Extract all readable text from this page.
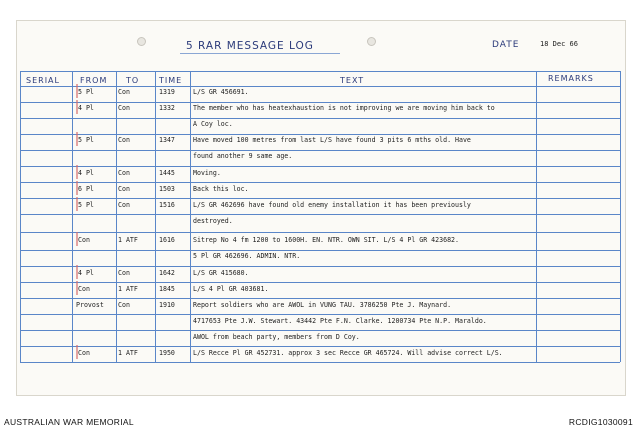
5 RAR MESSAGE LOG	DATE	18 Dec 66
SERIAL	FROM TO TIME	TEXT	REMARKS
5 Pl	Con	1319	L/S GR 456691.
4 Pl	Con	1332	The member who has heatexhaustion is not improving we are moving him back to
A Coy loc.
5 Pl	Con	1347	Have moved 100 metres from last L/S have found 3 pits 6 mths old. Have
found another 9 same age.
4 Pl	Con	1445	Moving.
6 Pl	Con	1503	Back this loc.
5 Pl	Con	1516	L/S GR 462696 have found old enemy installation it has been previously
destroyed.
Con	1 ATF	1616	Sitrep No 4 fm 1200 to 1600H. EN. NTR. OWN SIT. L/S 4 Pl GR 423682.
5 Pl GR 462696. ADMIN. NTR.
4 Pl	Con	1642	L/S GR 415680.
Con	1 ATF	1845	L/S 4 Pl GR 403681.
Provost Con	1910	Report soldiers who are AWOL in VUNG TAU. 3786250 Pte J. Maynard.
4717653 Pte J.W. Stewart. 43442 Pte F.N. Clarke. 1200734 Pte N.P. Maraldo.
AWOL from beach party, members from D Coy.
Con	1 ATF	1950	L/S Recce Pl GR 452731. approx 3 sec Recce GR 465724. Will advise correct L/S.
AUSTRALIAN WAR MEMORIAL	RCDIG1030091
